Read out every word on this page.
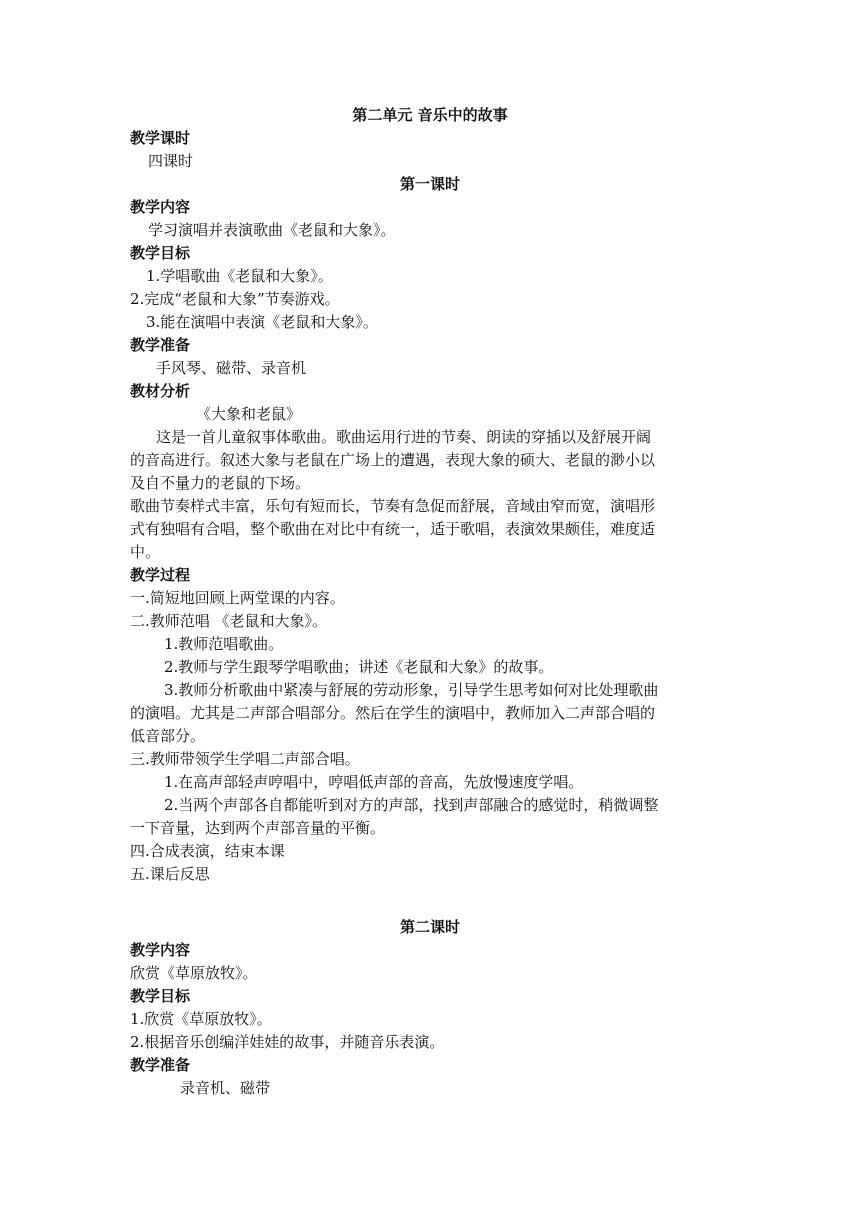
第二单元 音乐中的故事
教学课时
四课时
第一课时
教学内容
学习演唱并表演歌曲《老鼠和大象》。
教学目标
1.学唱歌曲《老鼠和大象》。
2.完成“老鼠和大象”节奏游戏。
3.能在演唱中表演《老鼠和大象》。
教学准备
手风琴、磁带、录音机
教材分析
《大象和老鼠》
这是一首儿童叙事体歌曲。歌曲运用行进的节奏、朗读的穿插以及舒展开阔
的音高进行。叙述大象与老鼠在广场上的遭遇，表现大象的硕大、老鼠的渺小以
及自不量力的老鼠的下场。
歌曲节奏样式丰富，乐句有短而长，节奏有急促而舒展，音域由窄而宽，演唱形
式有独唱有合唱，整个歌曲在对比中有统一，适于歌唱，表演效果颇佳，难度适
中。
教学过程
一.简短地回顾上两堂课的内容。
二.教师范唱 《老鼠和大象》。
1.教师范唱歌曲。
2.教师与学生跟琴学唱歌曲；讲述《老鼠和大象》的故事。
3.教师分析歌曲中紧凑与舒展的劳动形象，引导学生思考如何对比处理歌曲
的演唱。尤其是二声部合唱部分。然后在学生的演唱中，教师加入二声部合唱的
低音部分。
三.教师带领学生学唱二声部合唱。
1.在高声部轻声哼唱中，哼唱低声部的音高，先放慢速度学唱。
2.当两个声部各自都能听到对方的声部，找到声部融合的感觉时，稍微调整
一下音量，达到两个声部音量的平衡。
四.合成表演，结束本课
五.课后反思
第二课时
教学内容
欣赏《草原放牧》。
教学目标
1.欣赏《草原放牧》。
2.根据音乐创编洋娃娃的故事，并随音乐表演。
教学准备
录音机、磁带
